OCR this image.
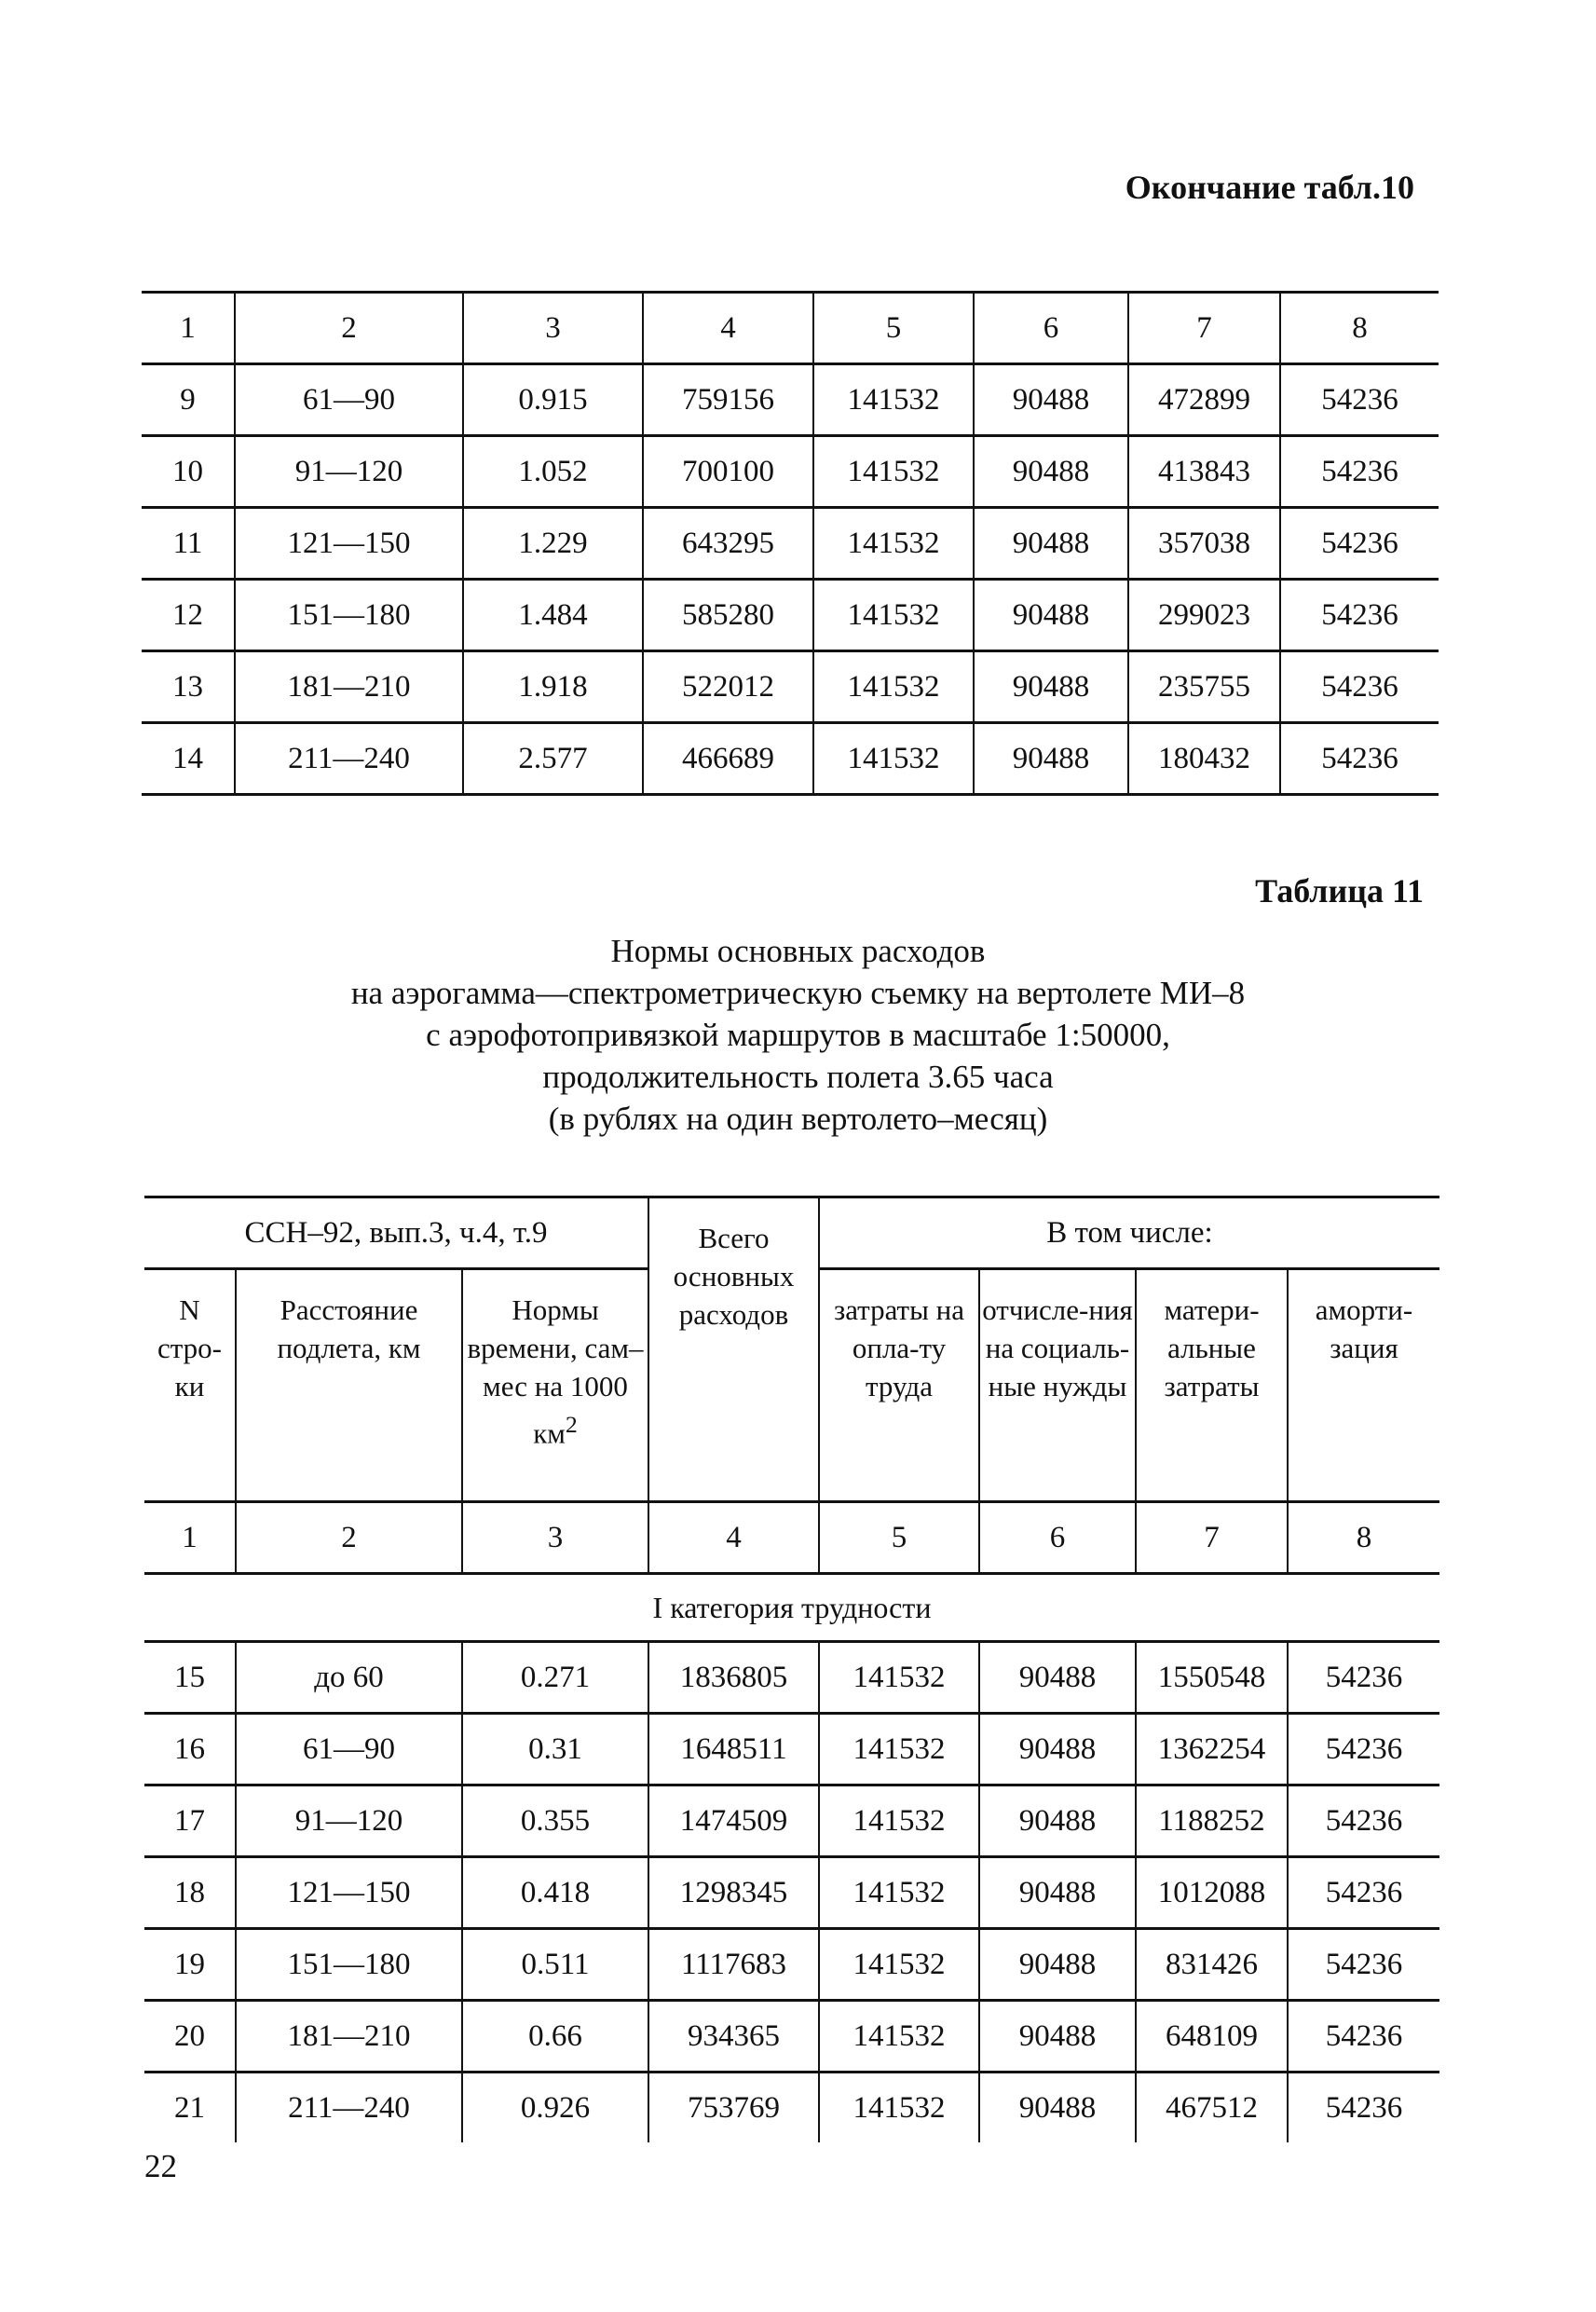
Окончание табл.10
1	2	3	4	5	6	7	8
9	61—90	0.915	759156	141532	90488	472899	54236
10	91—120	1.052	700100	141532	90488	413843	54236
11	121—150	1.229	643295	141532	90488	357038	54236
12	151—180	1.484	585280	141532	90488	299023	54236
13	181—210	1.918	522012	141532	90488	235755	54236
14	211—240	2.577	466689	141532	90488	180432	54236
Таблица 11
Нормы основных расходов
на аэрогамма—спектрометрическую съемку на вертолете МИ–8
с аэрофотопривязкой маршрутов в масштабе 1:50000,
продолжительность полета 3.65 часа
(в рублях на один вертолето–месяц)
ССН–92, вып.3, ч.4, т.9			Всего основных расходов	В том числе:			
N стро-ки	Расстояние подлета, км	Нормы времени, сам–мес на 1000 $км^2$		затраты на опла-ту труда	отчисле-ния на социаль-ные нужды	матери-альные затраты	аморти-зация
1	2	3	4	5	6	7	8
I категория трудности							
15	до 60	0.271	1836805	141532	90488	1550548	54236
16	61—90	0.31	1648511	141532	90488	1362254	54236
17	91—120	0.355	1474509	141532	90488	1188252	54236
18	121—150	0.418	1298345	141532	90488	1012088	54236
19	151—180	0.511	1117683	141532	90488	831426	54236
20	181—210	0.66	934365	141532	90488	648109	54236
21	211—240	0.926	753769	141532	90488	467512	54236
22
